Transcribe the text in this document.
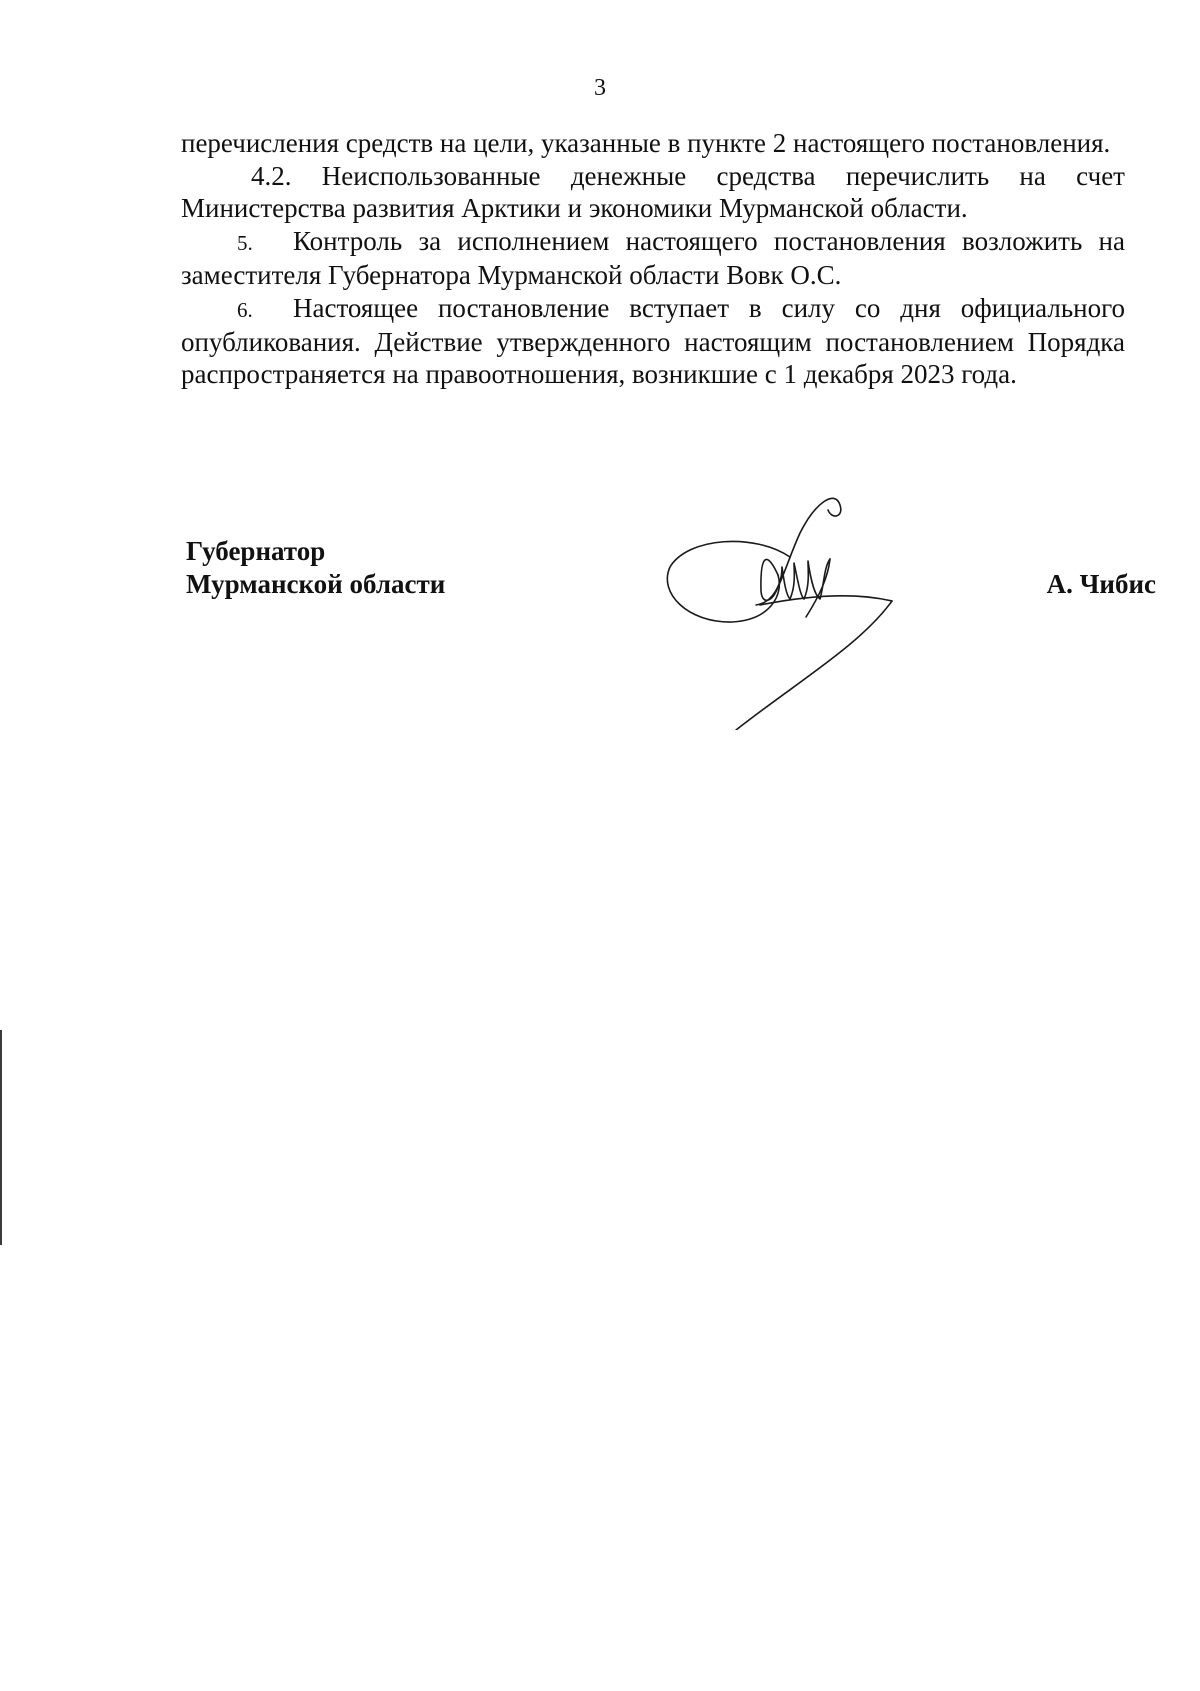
3

перечисления средств на цели, указанные в пункте 2 настоящего постановления.

4.2. Неиспользованные денежные средства перечислить на счет Министерства развития Арктики и экономики Мурманской области.

5. Контроль за исполнением настоящего постановления возложить на заместителя Губернатора Мурманской области Вовк О.С.

6. Настоящее постановление вступает в силу со дня официального опубликования. Действие утвержденного настоящим постановлением Порядка распространяется на правоотношения, возникшие с 1 декабря 2023 года.

Губернатор
Мурманской области	А. Чибис
